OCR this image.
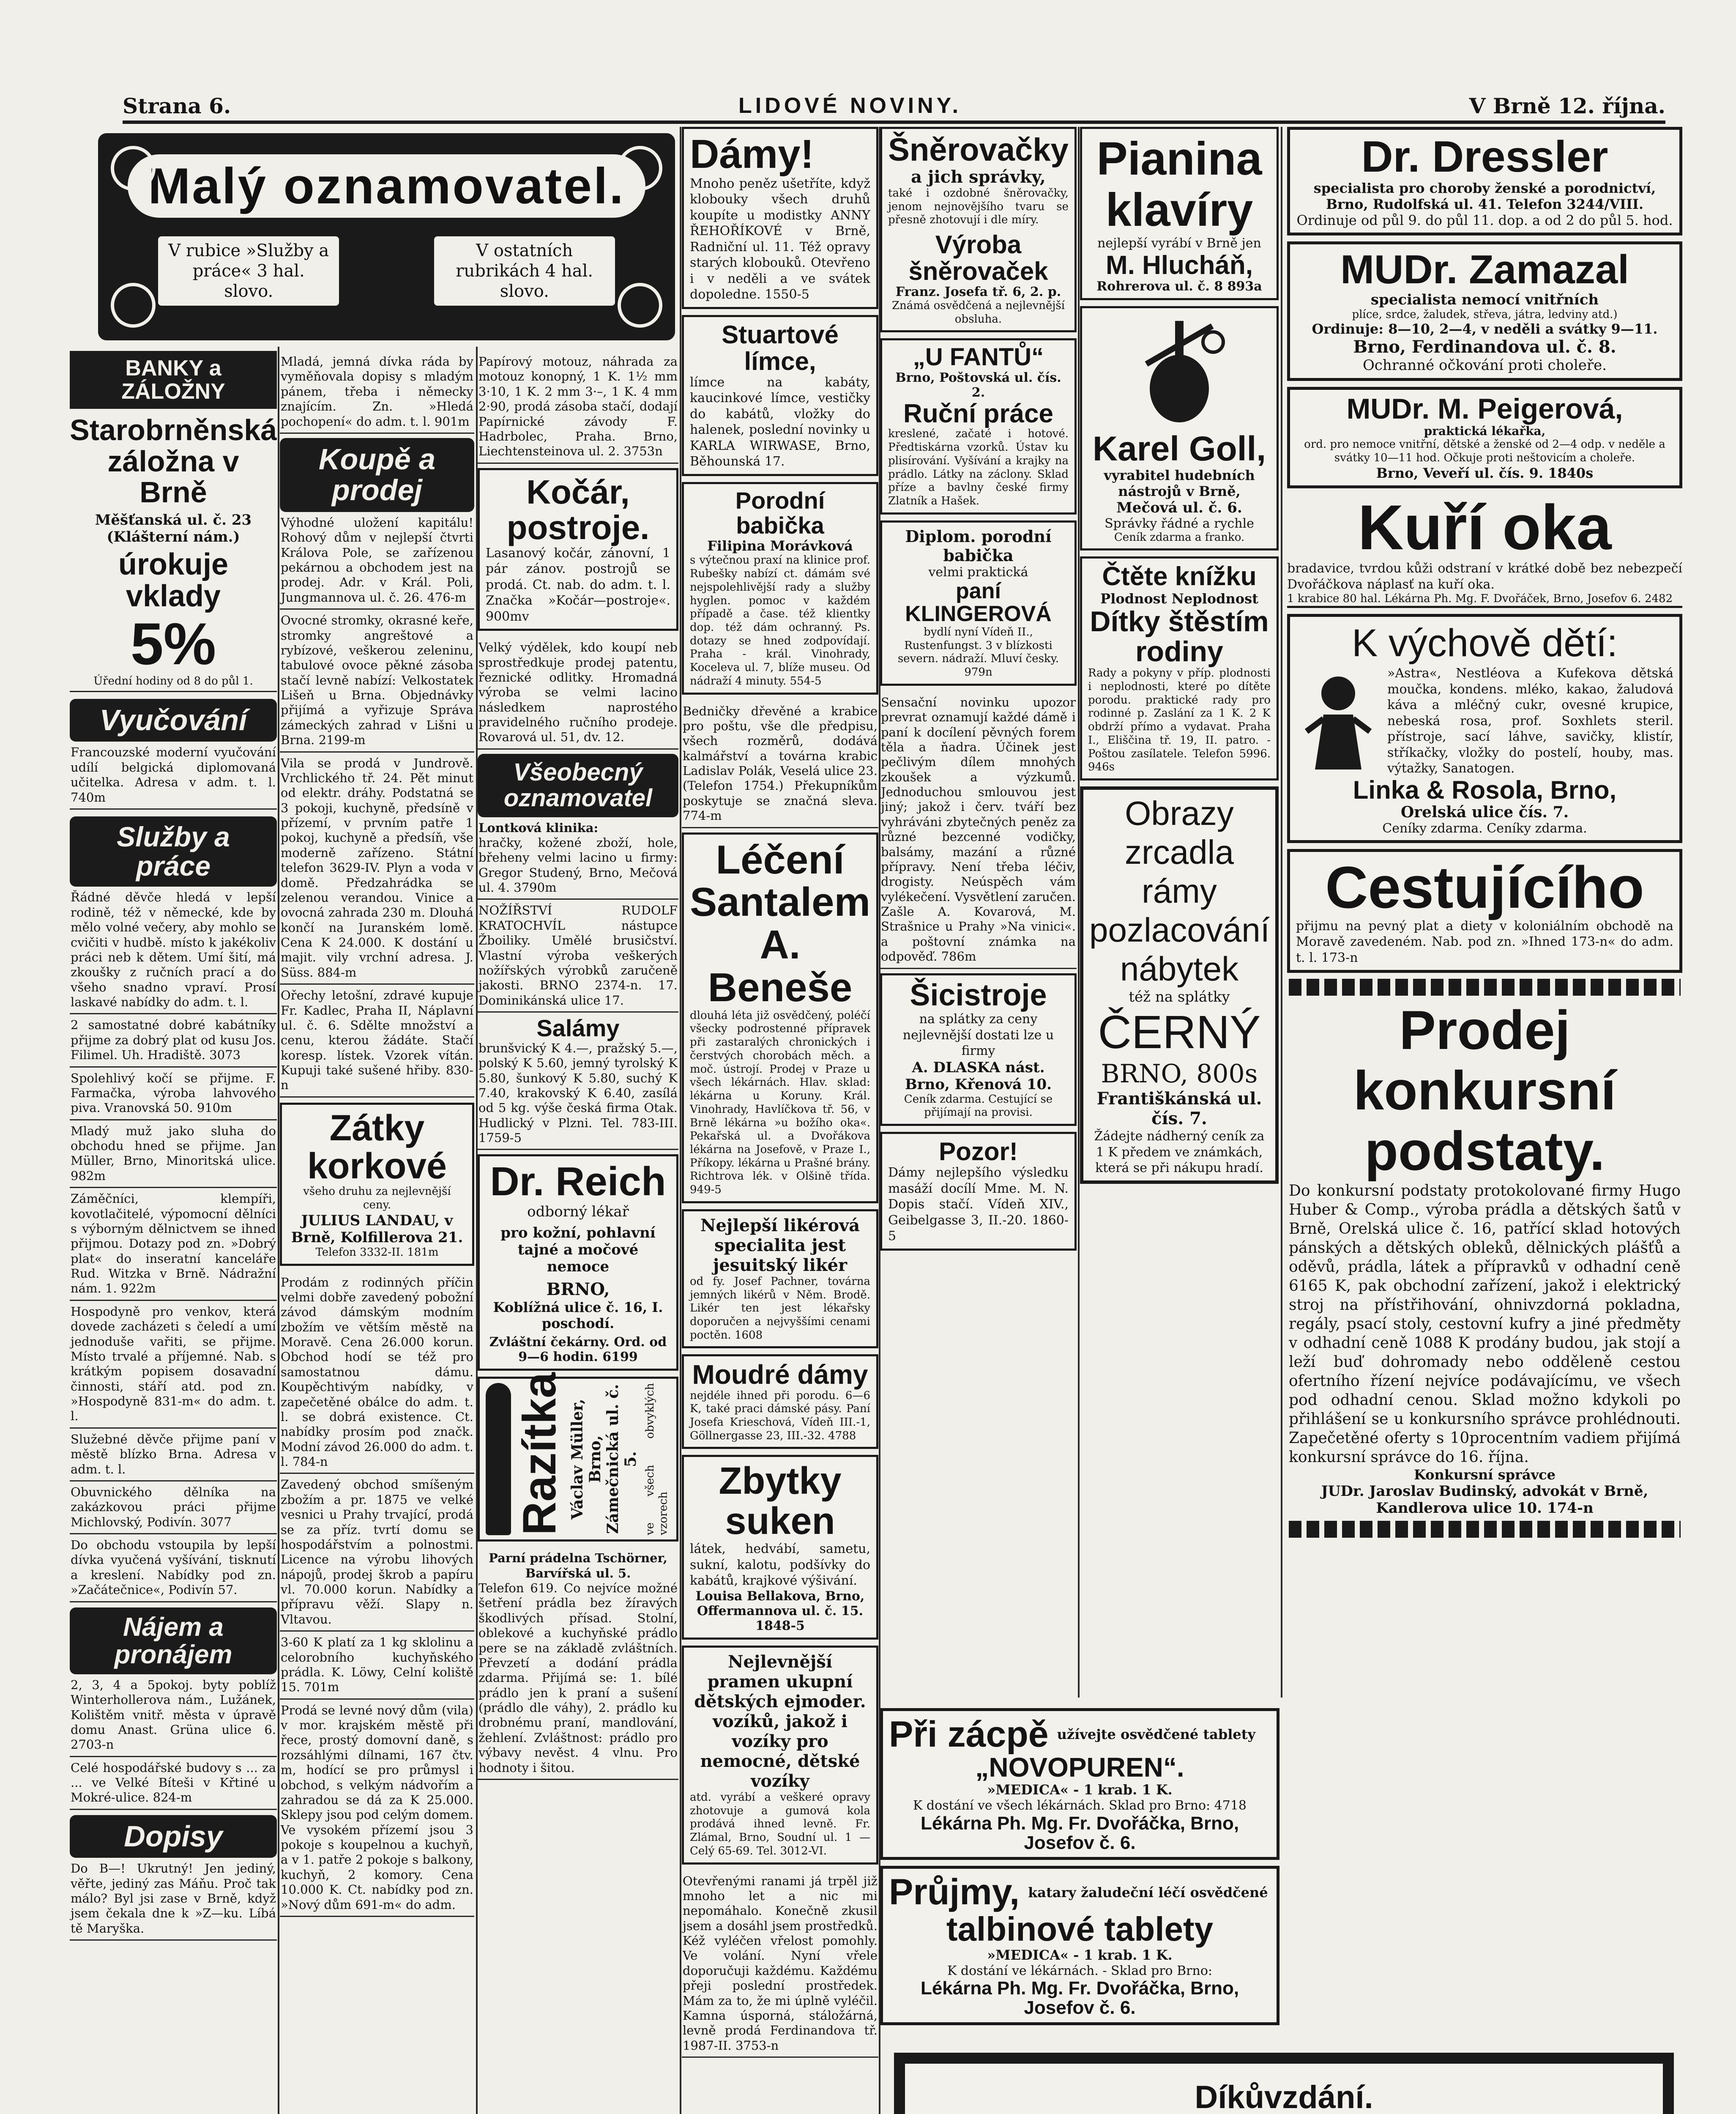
Strana 6.	LIDOVÉ NOVINY.	V Brně 12. října.
Malý oznamovatel.
V rubice »Služby a práce« 3 hal. slovo.
V ostatních rubrikách 4 hal. slovo.
BANKY a ZÁLOŽNY
Starobrněnská záložna v Brně
Měšťanská ul. č. 23 (Klášterní nám.)
úrokuje vklady
5%
Úřední hodiny od 8 do půl 1.
Vyučování
Francouzské moderní vyučování udílí belgická diplomovaná učitelka. Adresa v adm. t. l. 740m
Služby a práce
Řádné děvče hledá v lepší rodině, též v německé, kde by mělo volné večery, aby mohlo se cvičiti v hudbě. místo k jakékoliv práci neb k dětem. Umí šití, má zkoušky z ručních prací a do všeho snadno vpraví. Prosí laskavé nabídky do adm. t. l.
2 samostatné dobré kabátníky přijme za dobrý plat od kusu Jos. Filimel. Uh. Hradiště. 3073
Spolehlivý kočí se přijme. F. Farmačka, výroba lahvového piva. Vranovská 50. 910m
Mladý muž jako sluha do obchodu hned se přijme. Jan Müller, Brno, Minoritská ulice. 982m
Záměčníci, klempíři, kovotlačitelé, výpomocní dělníci s výborným dělnictvem se ihned přijmou. Dotazy pod zn. »Dobrý plat« do inseratní kanceláře Rud. Witzka v Brně. Nádražní nám. 1. 922m
Hospodyně pro venkov, která dovede zacházeti s čeledí a umí jednoduše vařiti, se přijme. Místo trvalé a příjemné. Nab. s krátkým popisem dosavadní činnosti, stáří atd. pod zn. »Hospodyně 831-m« do adm. t. l.
Služebné děvče přijme paní v městě blízko Brna. Adresa v adm. t. l.
Obuvnického dělníka na zakázkovou práci přijme Michlovský, Podivín. 3077
Do obchodu vstoupila by lepší dívka vyučená vyšívání, tisknutí a kreslení. Nabídky pod zn. »Začátečnice«, Podivín 57.
Nájem a pronájem
2, 3, 4 a 5pokoj. byty poblíž Winterhollerova nám., Lužánek, Kolištěm vnitř. města v úpravě domu Anast. Grüna ulice 6. 2703-n
Celé hospodářské budovy s ... za ... ve Velké Bíteši v Křtiné u Mokré-ulice. 824-m
Dopisy
Do B—! Ukrutný! Jen jediný, věřte, jediný zas Máňu. Proč tak málo? Byl jsi zase v Brně, když jsem čekala dne k »Z—ku. Líbá tě Maryška.
Mladá, jemná dívka ráda by vyměňovala dopisy s mladým pánem, třeba i německy znajícím. Zn. »Hledá pochopení« do adm. t. l. 901m
Koupě a prodej
Výhodné uložení kapitálu! Rohový dům v nejlepší čtvrti Králova Pole, se zařízenou pekárnou a obchodem jest na prodej. Adr. v Král. Poli, Jungmannova ul. č. 26. 476-m
Ovocné stromky, okrasné keře, stromky angreštové a rybízové, veškerou zeleninu, tabulové ovoce pěkné zásoba stačí levně nabízí: Velkostatek Lišeň u Brna. Objednávky přijímá a vyřizuje Správa zámeckých zahrad v Lišni u Brna. 2199-m
Vila se prodá v Jundrově. Vrchlického tř. 24. Pět minut od elektr. dráhy. Podstatná se 3 pokoji, kuchyně, předsíně v přízemí, v prvním patře 1 pokoj, kuchyně a předsíň, vše moderně zařízeno. Státní telefon 3629-IV. Plyn a voda v domě. Předzahrádka se zelenou verandou. Vinice a ovocná zahrada 230 m. Dlouhá končí na Juranském lomě. Cena K 24.000. K dostání u majit. vily vrchní adresa. J. Süss. 884-m
Ořechy letošní, zdravé kupuje Fr. Kadlec, Praha II, Náplavní ul. č. 6. Sdělte množství a cenu, kterou žádáte. Stačí koresp. lístek. Vzorek vítán. Kupuji také sušené hřiby. 830-n
Zátky korkové
všeho druhu za nejlevnější ceny.
JULIUS LANDAU, v Brně, Kolfillerova 21.
Telefon 3332-II. 181m
Prodám z rodinných příčin velmi dobře zavedený pobožní závod dámským modním zbožím ve větším městě na Moravě. Cena 26.000 korun. Obchod hodí se též pro samostatnou dámu. Koupěchtivým nabídky, v zapečetěné obálce do adm. t. l. se dobrá existence. Ct. nabídky prosím pod značk. Modní závod 26.000 do adm. t. l. 784-n
Zavedený obchod smíšeným zbožím a pr. 1875 ve velké vesnici u Prahy trvající, prodá se za příz. tvrtí domu se hospodářstvím a polnostmi. Licence na výrobu lihových nápojů, prodej škrob a papíru vl. 70.000 korun. Nabídky a přípravu věží. Slapy n. Vltavou.
3-60 K platí za 1 kg sklolinu a celorobního kuchyňského prádla. K. Löwy, Celní koliště 15. 701m
Prodá se levné nový dům (vila) v mor. krajském městě při řece, prostý domovní daně, s rozsáhlými dílnami, 167 čtv. m, hodící se pro průmysl i obchod, s velkým nádvořím a zahradou se dá za K 25.000. Sklepy jsou pod celým domem. Ve vysokém přízemí jsou 3 pokoje s koupelnou a kuchyň, a v 1. patře 2 pokoje s balkony, kuchyň, 2 komory. Cena 10.000 K. Ct. nabídky pod zn. »Nový dům 691-m« do adm.
Papírový motouz, náhrada za motouz konopný, 1 K. 1½ mm 3·10, 1 K. 2 mm 3·–, 1 K. 4 mm 2·90, prodá zásoba stačí, dodají Papírnické závody F. Hadrbolec, Praha. Brno, Liechtensteinova ul. 2. 3753n
Kočár, postroje.
Lasanový kočár, zánovní, 1 pár zánov. postrojů se prodá. Ct. nab. do adm. t. l. Značka »Kočár—postroje«. 900mv
Velký výdělek, kdo koupí neb sprostředkuje prodej patentu, řeznické odlitky. Hromadná výroba se velmi lacino následkem naprostého pravidelného ručního prodeje. Rovarová ul. 51, dv. 12.
Všeobecný oznamovatel
Lontková klinika:
hračky, kožené zboží, hole, břeheny velmi lacino u firmy: Gregor Studený, Brno, Mečová ul. 4. 3790m
NOŽÍŘSTVÍ RUDOLF KRATOCHVÍL nástupce Žboiliky. Umělé brusičství. Vlastní výroba veškerých nožířských výrobků zaručeně jakosti. BRNO 2374-n. 17. Dominikánská ulice 17.
Salámy
brunšvický K 4.—, pražský 5.—, polský K 5.60, jemný tyrolský K 5.80, šunkový K 5.80, suchý K 7.40, krakovský K 6.40, zasílá od 5 kg. výše česká firma Otak. Hudlický v Plzni. Tel. 783-III. 1759-5
Dr. Reich
odborný lékař
pro kožní, pohlavní tajné a močové nemoce
BRNO,
Koblížná ulice č. 16, I. poschodí.
Zvláštní čekárny. Ord. od 9—6 hodin. 6199
Razítka Václav Müller, Brno, Zámečnická ul. č. 5. ve všech obvyklých vzorech
Parní prádelna Tschörner, Barvířská ul. 5.
Telefon 619. Co nejvíce možné šetření prádla bez žíravých škodlivých přísad. Stolní, oblekové a kuchyňské prádlo pere se na základě zvláštních. Převzetí a dodání prádla zdarma. Přijímá se: 1. bílé prádlo jen k praní a sušení (prádlo dle váhy), 2. prádlo ku drobnému praní, mandlování, žehlení. Zvláštnost: prádlo pro výbavy nevěst. 4 vlnu. Pro hodnoty i šitou.
Dámy!
Mnoho peněz ušetříte, když klobouky všech druhů koupíte u modistky ANNY ŘEHOŘÍKOVÉ v Brně, Radniční ul. 11. Též opravy starých klobouků. Otevřeno i v neděli a ve svátek dopoledne. 1550-5
Stuartové límce,
límce na kabáty, kaucinkové límce, vestičky do kabátů, vložky do halenek, poslední novinky u KARLA WIRWASE, Brno, Běhounská 17.
Porodní babička
Filipina Morávková
s výtečnou praxí na klinice prof. Rubešky nabízí ct. dámám své nejspolehlivější rady a služby hyglen. pomoc v každém případě a čase. též klientky dop. též dám ochranný. Ps. dotazy se hned zodpovídají. Praha - král. Vinohrady, Koceleva ul. 7, blíže museu. Od nádraží 4 minuty. 554-5
Bedničky dřevěné a krabice pro poštu, vše dle předpisu, všech rozměrů, dodává kalmářství a továrna krabic Ladislav Polák, Veselá ulice 23. (Telefon 1754.) Překupníkům poskytuje se značná sleva. 774-m
Léčení Santalem A. Beneše
dlouhá léta již osvědčený, poléčí všecky podrostenné přípravek při zastaralých chronických i čerstvých chorobách měch. a moč. ústrojí. Prodej v Praze u všech lékárnách. Hlav. sklad: lékárna u Koruny. Král. Vinohrady, Havlíčkova tř. 56, v Brně lékárna »u božího oka«. Pekařská ul. a Dvořákova lékárna na Josefově, v Praze I., Příkopy. lékárna u Prašné brány. Richtrova lék. v Olšině třída. 949-5
Nejlepší likérová specialita jest jesuitský likér
od fy. Josef Pachner, továrna jemných likérů v Něm. Brodě. Likér ten jest lékařsky doporučen a nejvyššími cenami poctěn. 1608
Moudré dámy
nejdéle ihned při porodu. 6—6 K, také praci dámské pásy. Paní Josefa Krieschová, Vídeň III.-1, Göllnergasse 23, III.-32. 4788
Zbytky suken
látek, hedvábí, sametu, sukní, kalotu, podšívky do kabátů, krajkové výšivání.
Louisa Bellakova, Brno, Offermannova ul. č. 15. 1848-5
Nejlevnější pramen ukupní dětských ejmoder. vozíků, jakož i vozíky pro nemocné, dětské vozíky
atd. vyrábí a veškeré opravy zhotovuje a gumová kola prodává ihned levně. Fr. Zlámal, Brno, Soudní ul. 1 — Celý 65-69. Tel. 3012-VI.
Otevřenými ranami já trpěl již mnoho let a nic mi nepomáhalo. Konečně zkusil jsem a dosáhl jsem prostředků. Kéž vyléčen vřelost pomohly. Ve volání. Nyní vřele doporučuji každému. Každému přeji poslední prostředek. Mám za to, že mi úplně vyléčil. Kamna úsporná, stáložárná, levně prodá Ferdinandova tř. 1987-II. 3753-n
Šněrovačky
a jich správky,
také i ozdobné šněrovačky, jenom nejnovějšího tvaru se přesně zhotovují i dle míry.
Výroba šněrovaček
Franz. Josefa tř. 6, 2. p.
Známá osvědčená a nejlevnější obsluha.
„U FANTŮ“
Brno, Poštovská ul. čís. 2.
Ruční práce
kreslené, začaté i hotové. Předtiskárna vzorků. Ústav ku plisírování. Vyšívání a krajky na prádlo. Látky na záclony. Sklad příze a bavlny české firmy Zlatník a Hašek.
Diplom. porodní babička
velmi praktická
paní KLINGEROVÁ
bydlí nyní Vídeň II., Rustenfungst. 3 v blízkosti severn. nádraží. Mluví česky. 979n
Sensační novinku upozor prevrat oznamují každé dámě i paní k docílení pěvných forem těla a ňadra. Účinek jest pečlivým dílem mnohých zkoušek a výzkumů. Jednoduchou smlouvou jest jiný; jakož i červ. tváří bez vyhráváni zbytečných peněz za různé bezcenné vodičky, balsámy, mazání a různé přípravy. Není třeba léčiv, drogisty. Neúspěch vám vylékečení. Vysvětlení zaručen. Zašle A. Kovarová, M. Strašnice u Prahy »Na vinici«. a poštovní známka na odpověď. 786m
Šicistroje
na splátky za ceny nejlevnější dostati lze u firmy
A. DLASKA nást. Brno, Křenová 10.
Ceník zdarma. Cestující se přijímají na provisi.
Pozor!
Dámy nejlepšího výsledku masáží docílí Mme. M. N. Dopis stačí. Vídeň XIV., Geibelgasse 3, II.-20. 1860-5
Pianina klavíry
nejlepší vyrábí v Brně jen
M. Hlucháň,
Rohrerova ul. č. 8 893a
Karel Goll,
vyrabitel hudebních nástrojů v Brně,
Mečová ul. č. 6.
Správky řádné a rychle
Ceník zdarma a franko.
Čtěte knížku
Plodnost Neplodnost
Dítky štěstím rodiny
Rady a pokyny v příp. plodnosti i neplodnosti, které po dítěte porodu. praktické rady pro rodinné p. Zaslání za 1 K. 2 K obdrží přímo a vydavat. Praha I., Eliščina tř. 19, II. patro. - Poštou zasílatele. Telefon 5996. 946s
Obrazy zrcadla rámy pozlacování nábytek
též na splátky
ČERNÝ
BRNO, 800s
Františkánská ul. čís. 7.
Žádejte nádherný ceník za 1 K předem ve známkách, která se při nákupu hradí.
Dr. Dressler
specialista pro choroby ženské a porodnictví,
Brno, Rudolfská ul. 41. Telefon 3244/VIII.
Ordinuje od půl 9. do půl 11. dop. a od 2 do půl 5. hod.
MUDr. Zamazal
specialista nemocí vnitřních
plíce, srdce, žaludek, střeva, játra, ledviny atd.)
Ordinuje: 8—10, 2—4, v neděli a svátky 9—11.
Brno, Ferdinandova ul. č. 8.
Ochranné očkování proti choleře.
MUDr. M. Peigerová,
praktická lékařka,
ord. pro nemoce vnitřní, dětské a ženské od 2—4 odp. v neděle a svátky 10—11 hod. Očkuje proti neštovicím a choleře.
Brno, Veveří ul. čís. 9. 1840s
Kuří oka
bradavice, tvrdou kůži odstraní v krátké době bez nebezpečí Dvořáčkova náplasť na kuří oka.
1 krabice 80 hal. Lékárna Ph. Mg. F. Dvořáček, Brno, Josefov 6. 2482
K výchově dětí:
»Astra«, Nestléova a Kufekova dětská moučka, kondens. mléko, kakao, žaludová káva a mléčný cukr, ovesné krupice, nebeská rosa, prof. Soxhlets steril. přístroje, sací láhve, savičky, klistír, stříkačky, vložky do postelí, houby, mas. výtažky, Sanatogen.
Linka & Rosola, Brno,
Orelská ulice čís. 7.
Ceníky zdarma. Ceníky zdarma.
Cestujícího
přijmu na pevný plat a diety v koloniálním obchodě na Moravě zavedeném. Nab. pod zn. »Ihned 173-n« do adm. t. l. 173-n
Prodej konkursní podstaty.
Do konkursní podstaty protokolované firmy Hugo Huber & Comp., výroba prádla a dětských šatů v Brně, Orelská ulice č. 16, patřící sklad hotových pánských a dětských obleků, dělnických plášťů a oděvů, prádla, látek a přípravků v odhadní ceně 6165 K, pak obchodní zařízení, jakož i elektrický stroj na přístřihování, ohnivzdorná pokladna, regály, psací stoly, cestovní kufry a jiné předměty v odhadní ceně 1088 K prodány budou, jak stojí a leží buď dohromady nebo odděleně cestou ofertního řízení nejvíce podávajícímu, ve všech pod odhadní cenou. Sklad možno kdykoli po přihlášení se u konkursního správce prohlédnouti. Zapečetěné oferty s 10procentním vadiem přijímá konkursní správce do 16. října.
Konkursní správce
JUDr. Jaroslav Budinský, advokát v Brně, Kandlerova ulice 10. 174-n
Při zácpě užívejte osvědčené tablety
„NOVOPUREN“.
»MEDICA« - 1 krab. 1 K.
K dostání ve všech lékárnách. Sklad pro Brno: 4718
Lékárna Ph. Mg. Fr. Dvořáčka, Brno, Josefov č. 6.
Průjmy, katary žaludeční léčí osvědčené
talbinové tablety
»MEDICA« - 1 krab. 1 K.
K dostání ve lékárnách. - Sklad pro Brno:
Lékárna Ph. Mg. Fr. Dvořáčka, Brno, Josefov č. 6.
Díkůvzdání.
